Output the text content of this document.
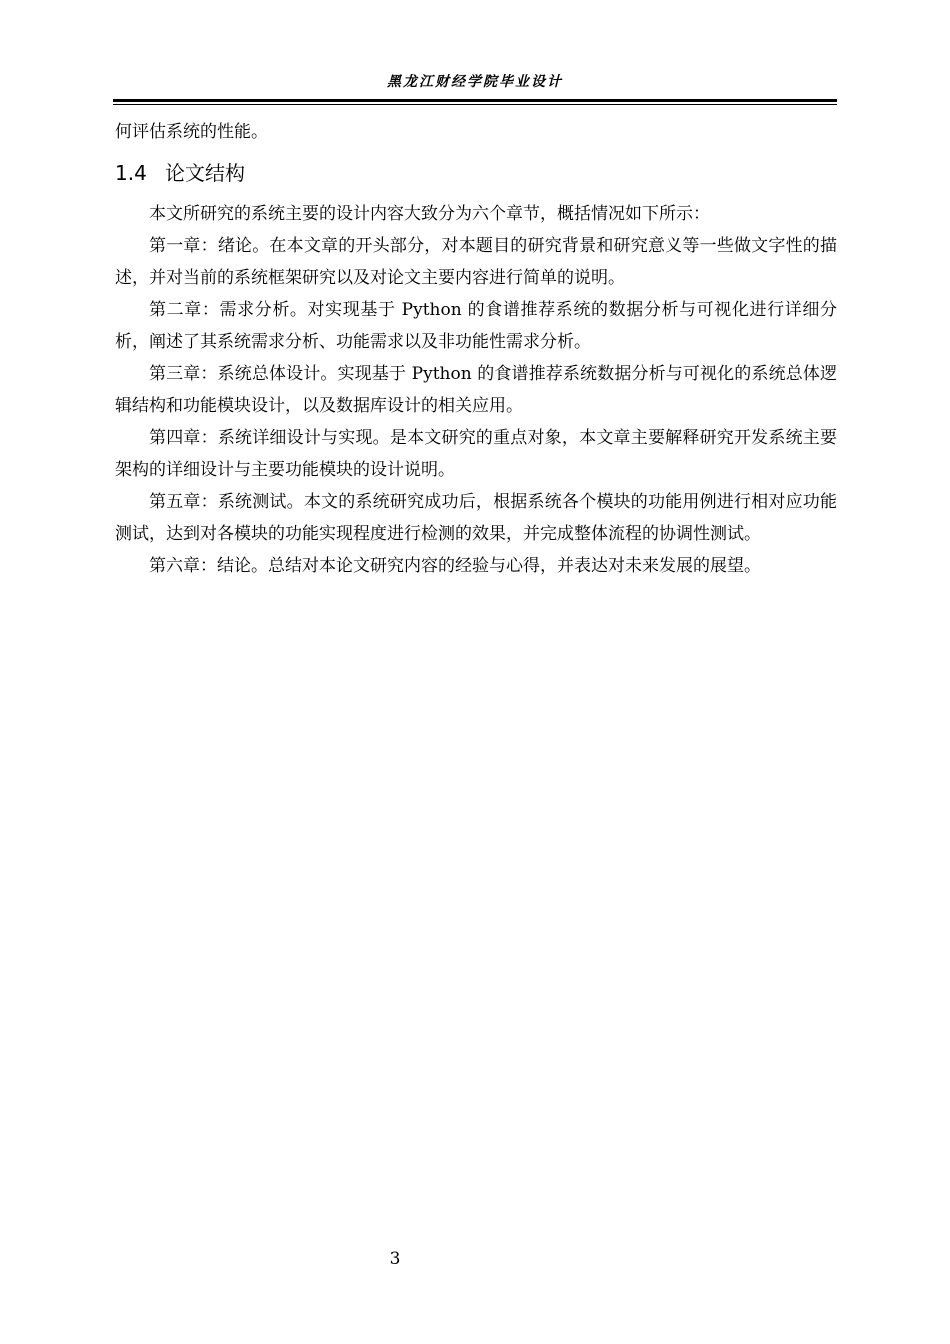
黑龙江财经学院毕业设计

何评估系统的性能。

1.4 论文结构

本文所研究的系统主要的设计内容大致分为六个章节，概括情况如下所示：

第一章：绪论。在本文章的开头部分，对本题目的研究背景和研究意义等一些做文字性的描述，并对当前的系统框架研究以及对论文主要内容进行简单的说明。

第二章：需求分析。对实现基于 Python 的食谱推荐系统的数据分析与可视化进行详细分析，阐述了其系统需求分析、功能需求以及非功能性需求分析。

第三章：系统总体设计。实现基于 Python 的食谱推荐系统数据分析与可视化的系统总体逻辑结构和功能模块设计，以及数据库设计的相关应用。

第四章：系统详细设计与实现。是本文研究的重点对象，本文章主要解释研究开发系统主要架构的详细设计与主要功能模块的设计说明。

第五章：系统测试。本文的系统研究成功后，根据系统各个模块的功能用例进行相对应功能测试，达到对各模块的功能实现程度进行检测的效果，并完成整体流程的协调性测试。

第六章：结论。总结对本论文研究内容的经验与心得，并表达对未来发展的展望。

3
